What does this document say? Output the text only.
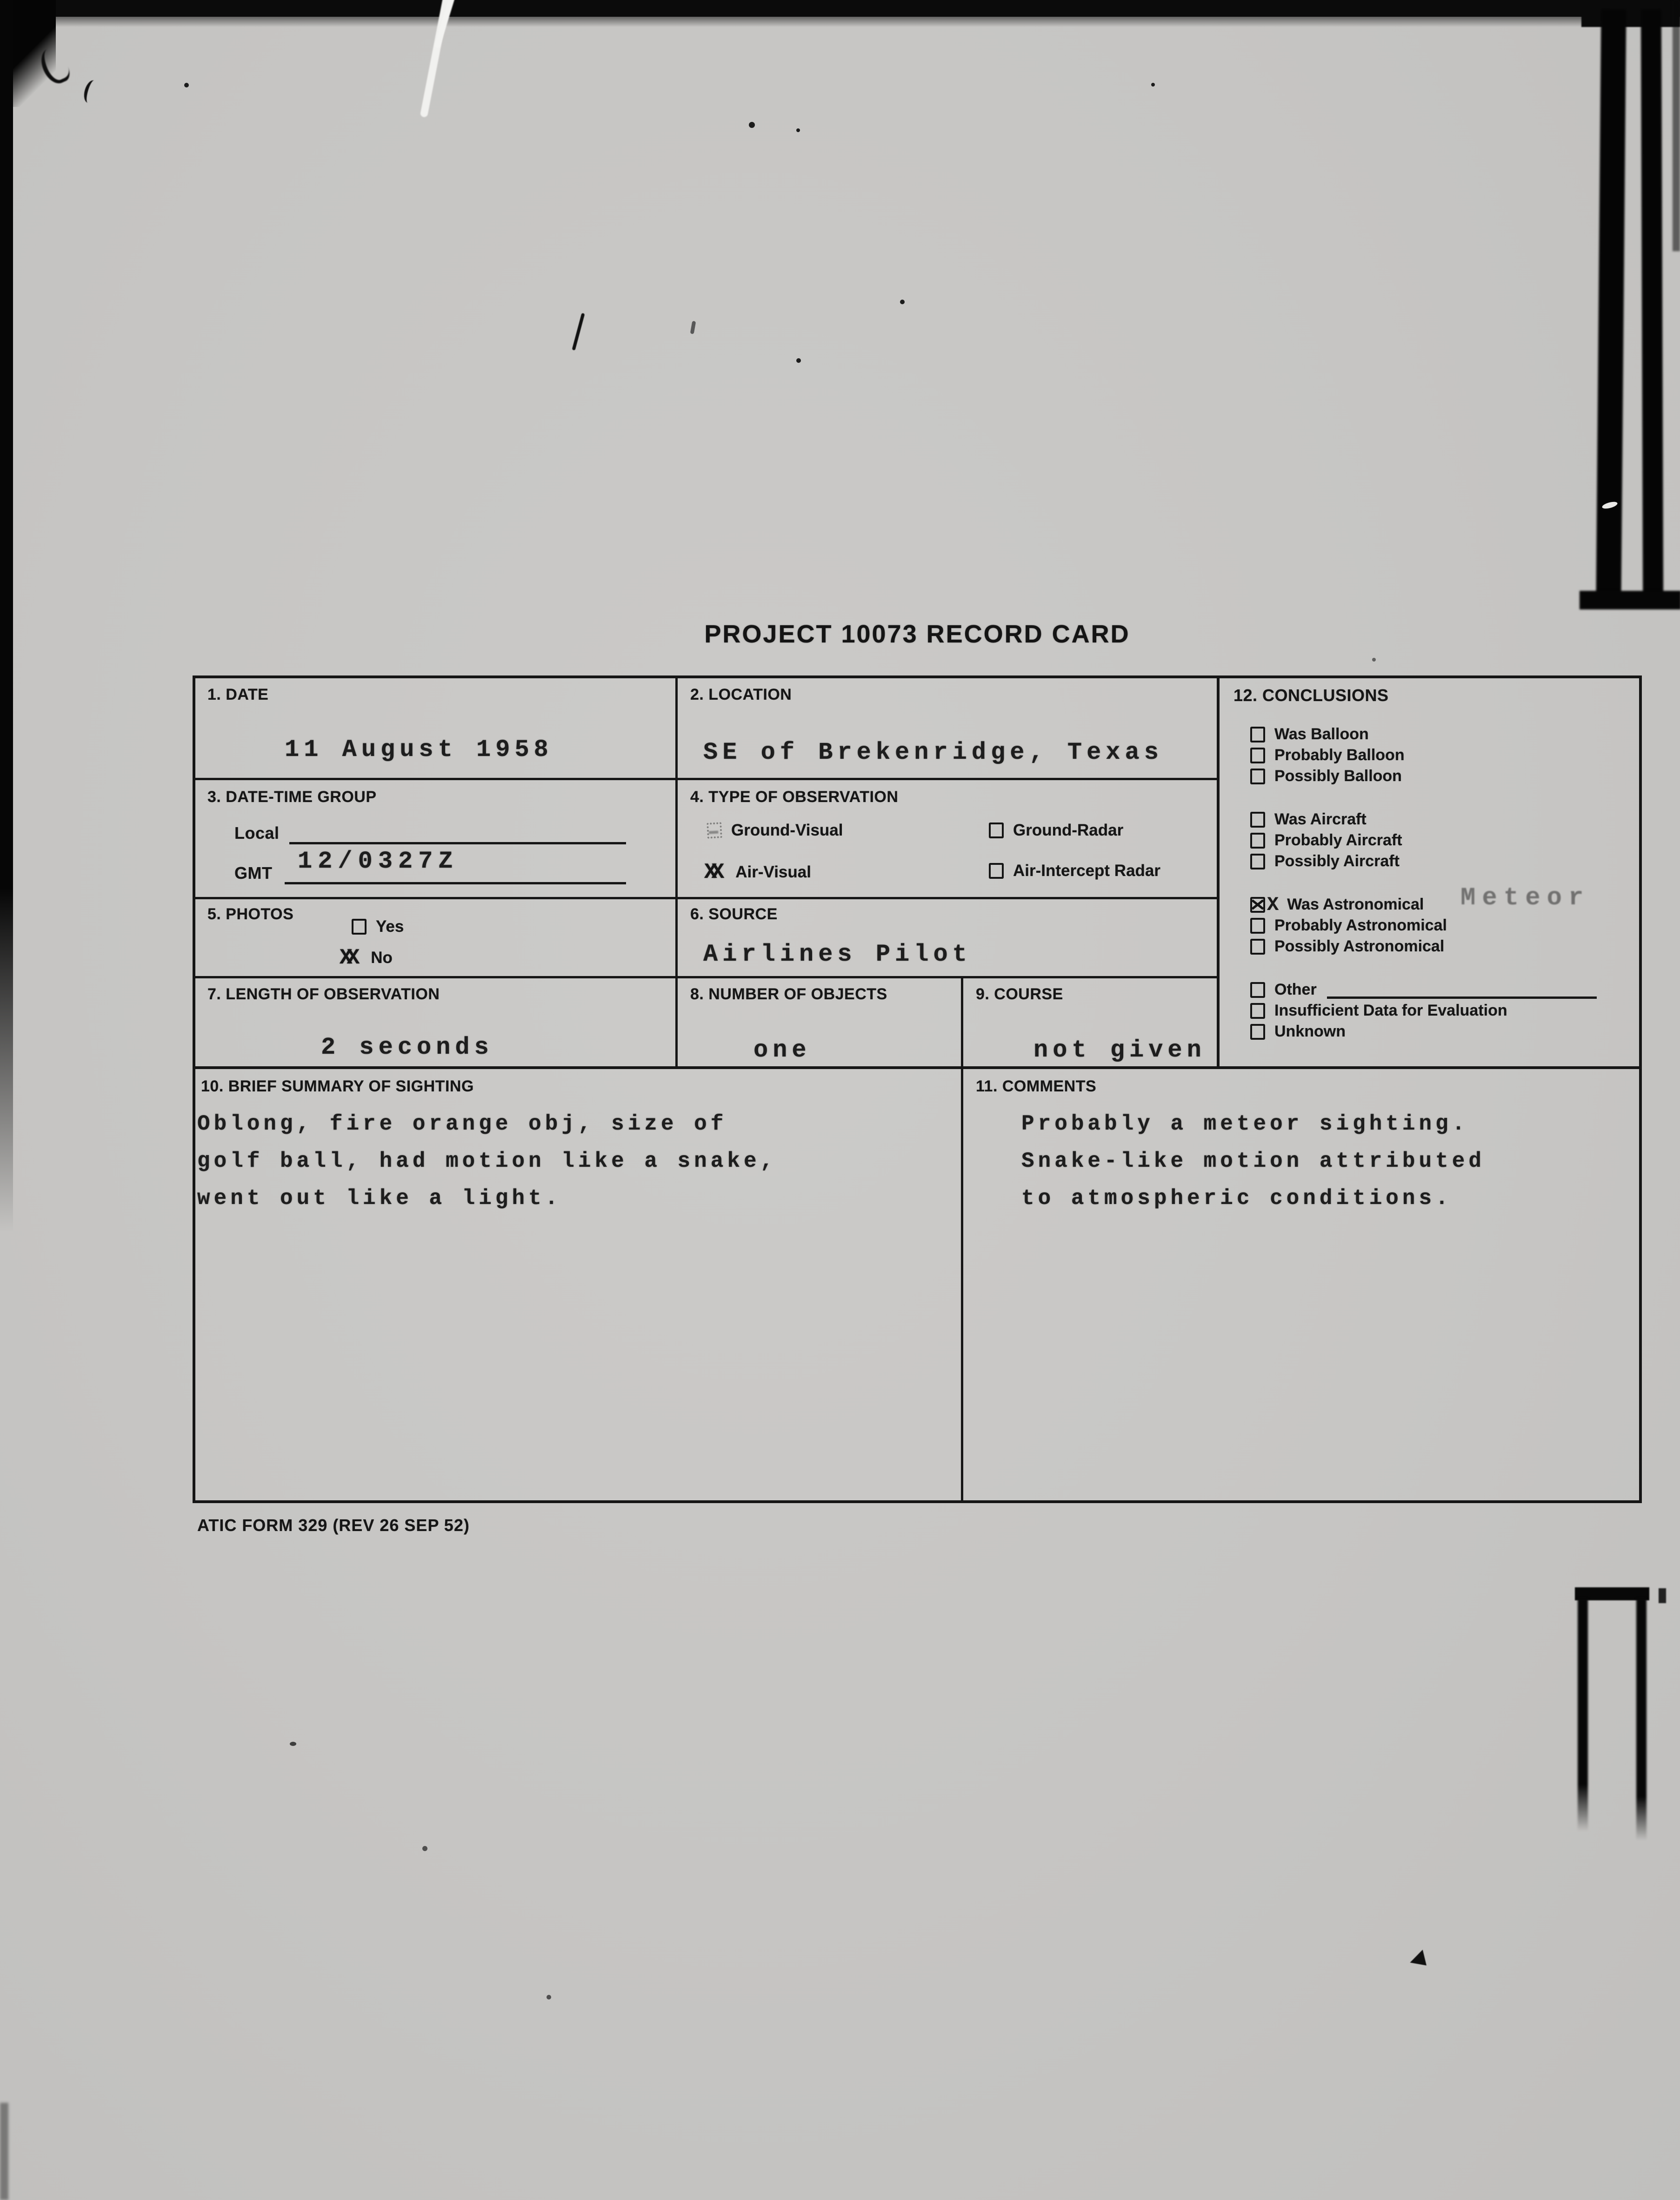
PROJECT 10073 RECORD CARD
1. DATE
11 August 1958
2. LOCATION
SE of Brekenridge, Texas
3. DATE-TIME GROUP
Local
12/0327Z
GMT
4. TYPE OF OBSERVATION
Ground-Visual	Ground-Radar
XX Air-Visual	Air-Intercept Radar
5. PHOTOS
Yes
XX No
6. SOURCE
Airlines Pilot
7. LENGTH OF OBSERVATION
2 seconds
8. NUMBER OF OBJECTS
one
9. COURSE
not given
10. BRIEF SUMMARY OF SIGHTING
Oblong, fire orange obj, size of
golf ball, had motion like a snake,
went out like a light.
11. COMMENTS
Probably a meteor sighting.
Snake-like motion attributed
to atmospheric conditions.
12. CONCLUSIONS
Was Balloon
Probably Balloon
Possibly Balloon
Was Aircraft
Probably Aircraft
Possibly Aircraft
X Was Astronomical
Probably Astronomical
Possibly Astronomical
Other
Insufficient Data for Evaluation
Unknown
Meteor
ATIC FORM 329 (REV 26 SEP 52)
